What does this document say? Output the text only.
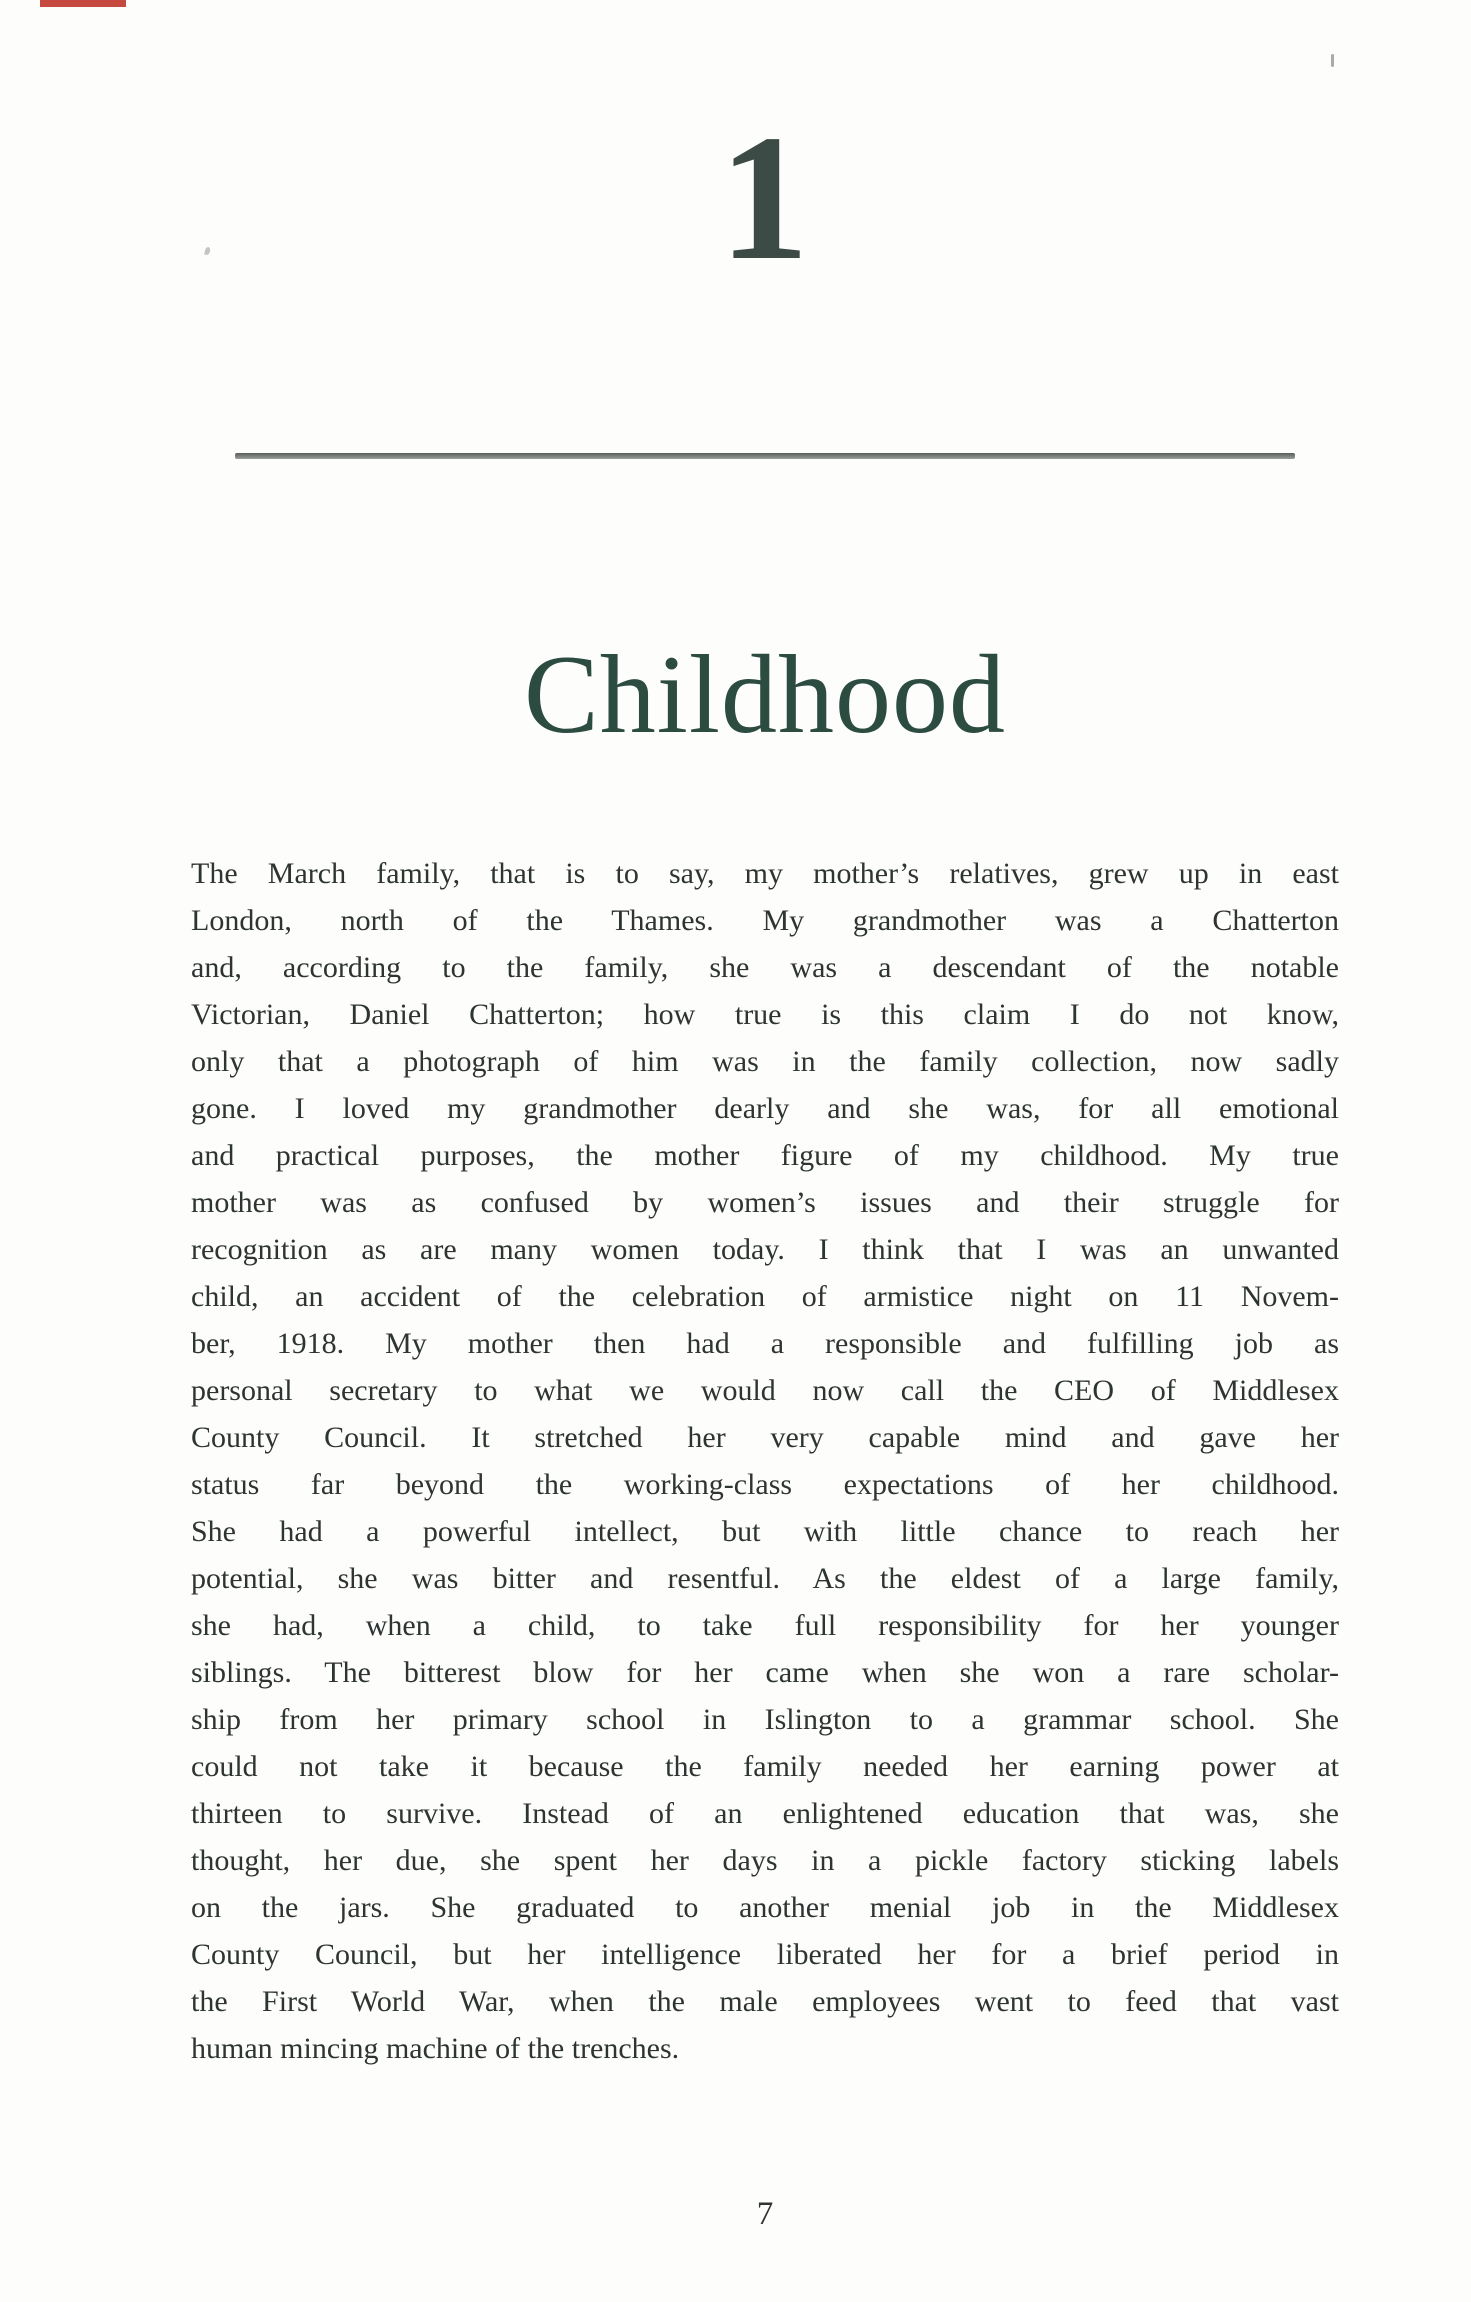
1
Childhood
The March family, that is to say, my mother’s relatives, grew up in east
London, north of the Thames. My grandmother was a Chatterton
and, according to the family, she was a descendant of the notable
Victorian, Daniel Chatterton; how true is this claim I do not know,
only that a photograph of him was in the family collection, now sadly
gone. I loved my grandmother dearly and she was, for all emotional
and practical purposes, the mother figure of my childhood. My true
mother was as confused by women’s issues and their struggle for
recognition as are many women today. I think that I was an unwanted
child, an accident of the celebration of armistice night on 11 Novem-
ber, 1918. My mother then had a responsible and fulfilling job as
personal secretary to what we would now call the CEO of Middlesex
County Council. It stretched her very capable mind and gave her
status far beyond the working-class expectations of her childhood.
She had a powerful intellect, but with little chance to reach her
potential, she was bitter and resentful. As the eldest of a large family,
she had, when a child, to take full responsibility for her younger
siblings. The bitterest blow for her came when she won a rare scholar-
ship from her primary school in Islington to a grammar school. She
could not take it because the family needed her earning power at
thirteen to survive. Instead of an enlightened education that was, she
thought, her due, she spent her days in a pickle factory sticking labels
on the jars. She graduated to another menial job in the Middlesex
County Council, but her intelligence liberated her for a brief period in
the First World War, when the male employees went to feed that vast
human mincing machine of the trenches.
7
